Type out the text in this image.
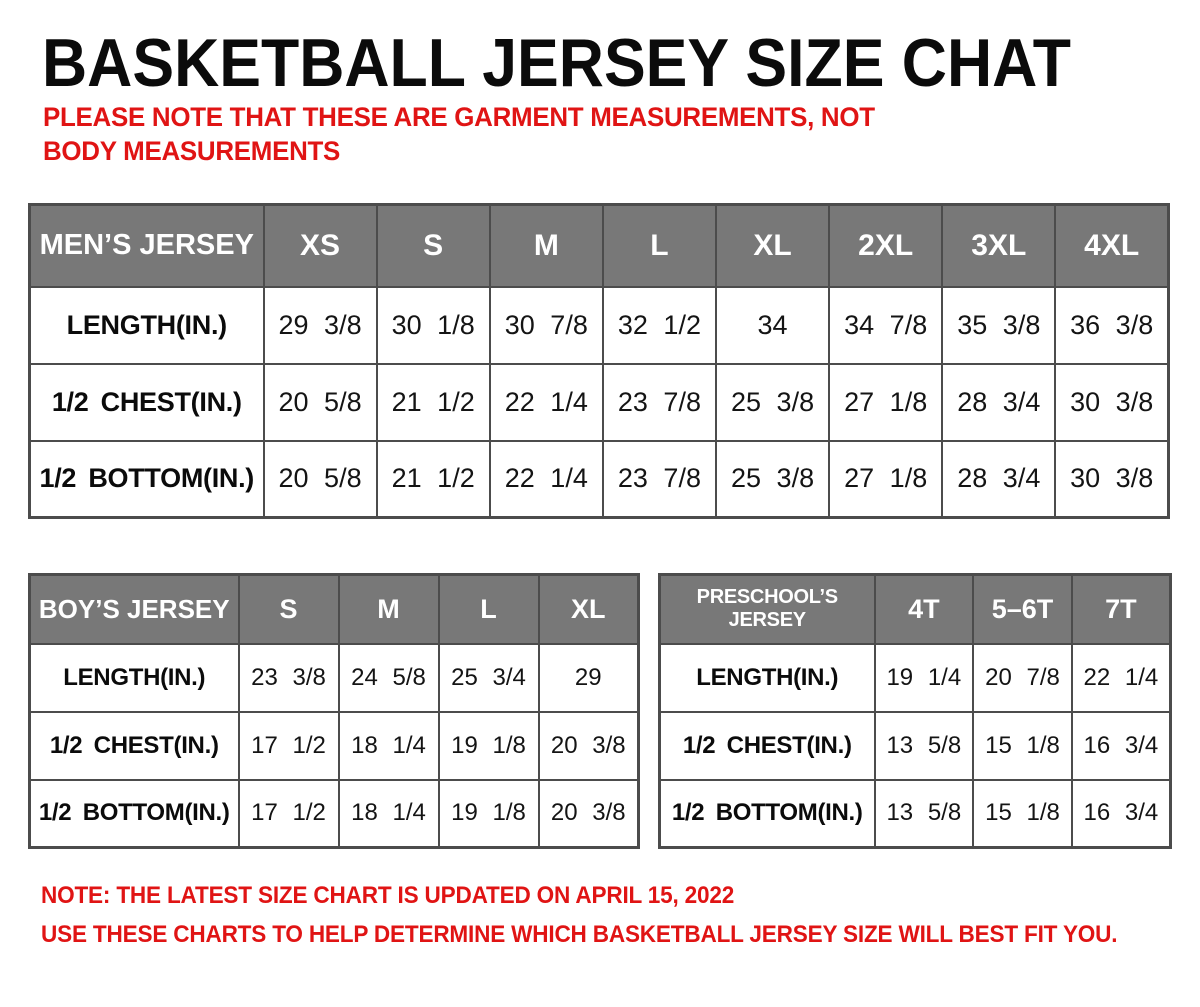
BASKETBALL JERSEY SIZE CHAT

PLEASE NOTE THAT THESE ARE GARMENT MEASUREMENTS, NOT BODY MEASUREMENTS

MEN’S JERSEY	XS	S	M	L	XL	2XL	3XL	4XL
LENGTH(IN.)	29 3/8	30 1/8	30 7/8	32 1/2	34	34 7/8	35 3/8	36 3/8
1/2 CHEST(IN.)	20 5/8	21 1/2	22 1/4	23 7/8	25 3/8	27 1/8	28 3/4	30 3/8
1/2 BOTTOM(IN.)	20 5/8	21 1/2	22 1/4	23 7/8	25 3/8	27 1/8	28 3/4	30 3/8
BOY’S JERSEY	S	M	L	XL
LENGTH(IN.)	23 3/8	24 5/8	25 3/4	29
1/2 CHEST(IN.)	17 1/2	18 1/4	19 1/8	20 3/8
1/2 BOTTOM(IN.)	17 1/2	18 1/4	19 1/8	20 3/8
PRESCHOOL’S JERSEY	4T	5–6T	7T
LENGTH(IN.)	19 1/4	20 7/8	22 1/4
1/2 CHEST(IN.)	13 5/8	15 1/8	16 3/4
1/2 BOTTOM(IN.)	13 5/8	15 1/8	16 3/4

NOTE: THE LATEST SIZE CHART IS UPDATED ON APRIL 15, 2022

USE THESE CHARTS TO HELP DETERMINE WHICH BASKETBALL JERSEY SIZE WILL BEST FIT YOU.
